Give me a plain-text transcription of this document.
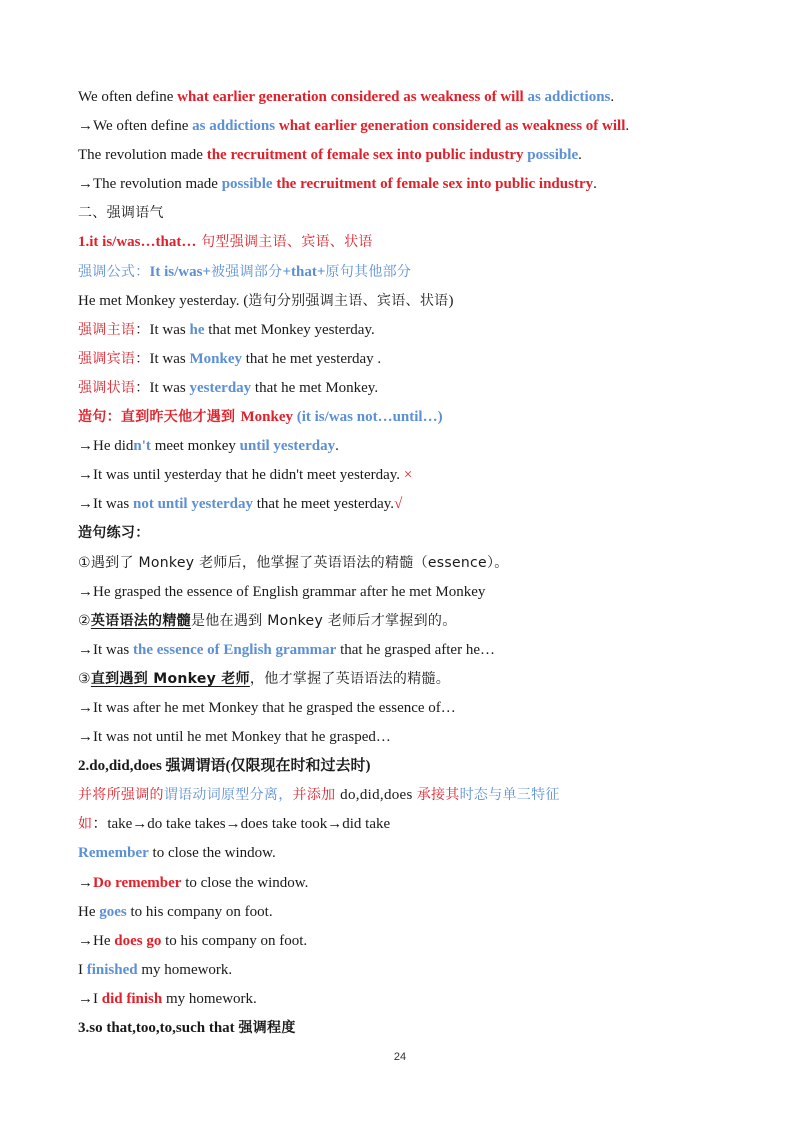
We often define what earlier generation considered as weakness of will as addictions.
→We often define as addictions what earlier generation considered as weakness of will.
The revolution made the recruitment of female sex into public industry possible.
→The revolution made possible the recruitment of female sex into public industry.
二、强调语气
1.it is/was…that… 句型强调主语、宾语、状语
强调公式：It is/was+被强调部分+that+原句其他部分
He met Monkey yesterday. (造句分别强调主语、宾语、状语)
强调主语：It was he that met Monkey yesterday.
强调宾语：It was Monkey that he met yesterday .
强调状语：It was yesterday that he met Monkey.
造句：直到昨天他才遇到 Monkey (it is/was not…until…)
→He didn't meet monkey until yesterday.
→It was until yesterday that he didn't meet yesterday. ×
→It was not until yesterday that he meet yesterday.√
造句练习：
①遇到了 Monkey 老师后，他掌握了英语语法的精髓（essence）。
→He grasped the essence of English grammar after he met Monkey
②英语语法的精髓是他在遇到 Monkey 老师后才掌握到的。
→It was the essence of English grammar that he grasped after he…
③直到遇到 Monkey 老师，他才掌握了英语语法的精髓。
→It was after he met Monkey that he grasped the essence of…
→It was not until he met Monkey that he grasped…
2.do,did,does 强调谓语(仅限现在时和过去时)
并将所强调的谓语动词原型分离，并添加 do,did,does 承接其时态与单三特征
如：take→do take takes→does take took→did take
Remember to close the window.
→Do remember to close the window.
He goes to his company on foot.
→He does go to his company on foot.
I finished my homework.
→I did finish my homework.
3.so that,too,to,such that 强调程度
24
